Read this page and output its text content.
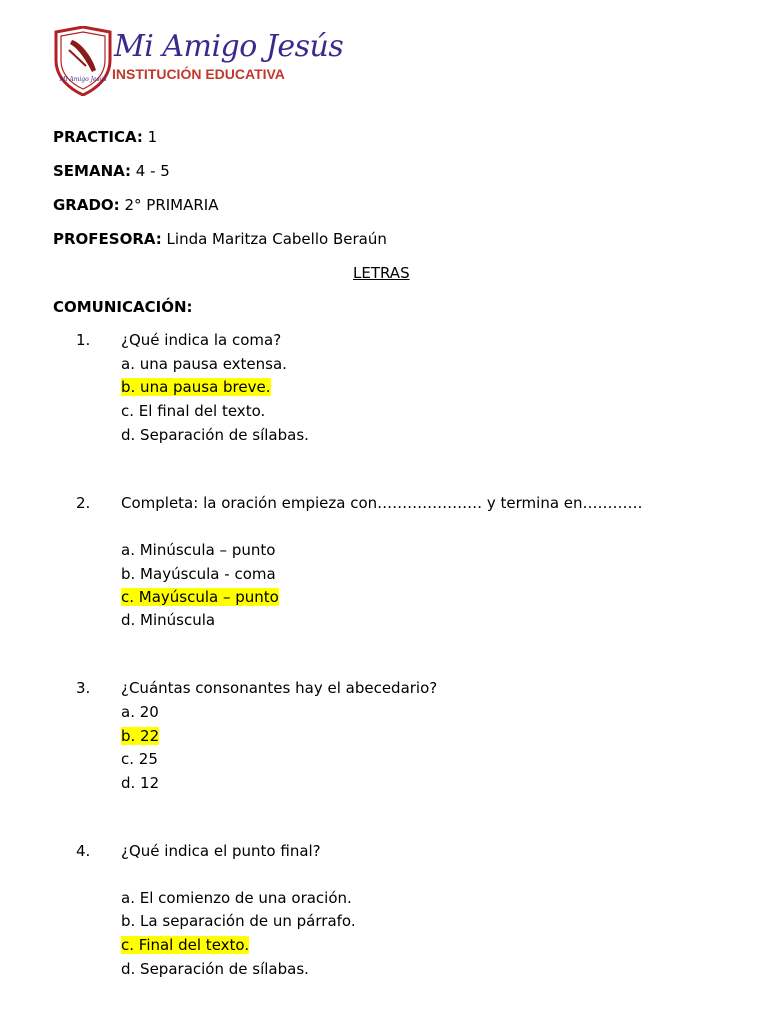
Mi Amigo Jesús
Mi Amigo Jesús
INSTITUCIÓN EDUCATIVA
PRACTICA: 1
SEMANA: 4 - 5
GRADO: 2° PRIMARIA
PROFESORA: Linda Maritza Cabello Beraún
LETRAS
COMUNICACIÓN:
1. ¿Qué indica la coma?
a. una pausa extensa.
b. una pausa breve.
c. El final del texto.
d. Separación de sílabas.
2. Completa: la oración empieza con………………… y termina en…………
a. Minúscula – punto
b. Mayúscula - coma
c. Mayúscula – punto
d. Minúscula
3. ¿Cuántas consonantes hay el abecedario?
a. 20
b. 22
c. 25
d. 12
4. ¿Qué indica el punto final?
a. El comienzo de una oración.
b. La separación de un párrafo.
c. Final del texto.
d. Separación de sílabas.
